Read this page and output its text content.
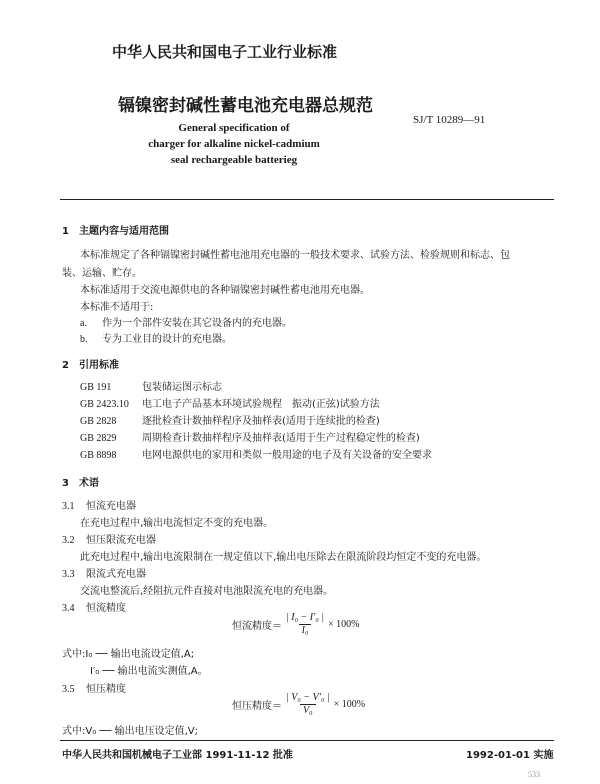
中华人民共和国电子工业行业标准
镉镍密封碱性蓄电池充电器总规范
SJ/T 10289—91
General specification of
charger for alkaline nickel-cadmium
seal rechargeable batterieg
1　主题内容与适用范围
本标准规定了各种镉镍密封碱性蓄电池用充电器的一般技术要求、试验方法、检验规则和标志、包
装、运输、贮存。
本标准适用于交流电源供电的各种镉镍密封碱性蓄电池用充电器。
本标准不适用于:
a. 作为一个部件安装在其它设备内的充电器。
b. 专为工业目的设计的充电器。
2　引用标准
GB 191	包装储运图示标志
GB 2423.10 电工电子产品基本环境试验规程　振动(正弦)试验方法
GB 2828	逐批检查计数抽样程序及抽样表(适用于连续批的检查)
GB 2829	周期检查计数抽样程序及抽样表(适用于生产过程稳定性的检查)
GB 8898	电网电源供电的家用和类似一般用途的电子及有关设备的安全要求
3　术语
3.1 恒流充电器
在充电过程中,输出电流恒定不变的充电器。
3.2 恒压限流充电器
此充电过程中,输出电流限制在一规定值以下,输出电压除去在限流阶段均恒定不变的充电器。
3.3 限流式充电器
交流电整流后,经阻抗元件直接对电池限流充电的充电器。
3.4 恒流精度
恒流精度＝ $\frac{\text{| I₀ − I′₀ |}}{\text{I₀}} \times 100\%$
式中:I₀ ── 输出电流设定值,A;
I′₀ ── 输出电流实测值,A。
3.5 恒压精度
恒压精度＝ $\frac{\text{| V₀ − V′₀ |}}{\text{V₀}} \times 100\%$
式中:V₀ ── 输出电压设定值,V;
中华人民共和国机械电子工业部 1991-11-12 批准	1992-01-01 实施
533
